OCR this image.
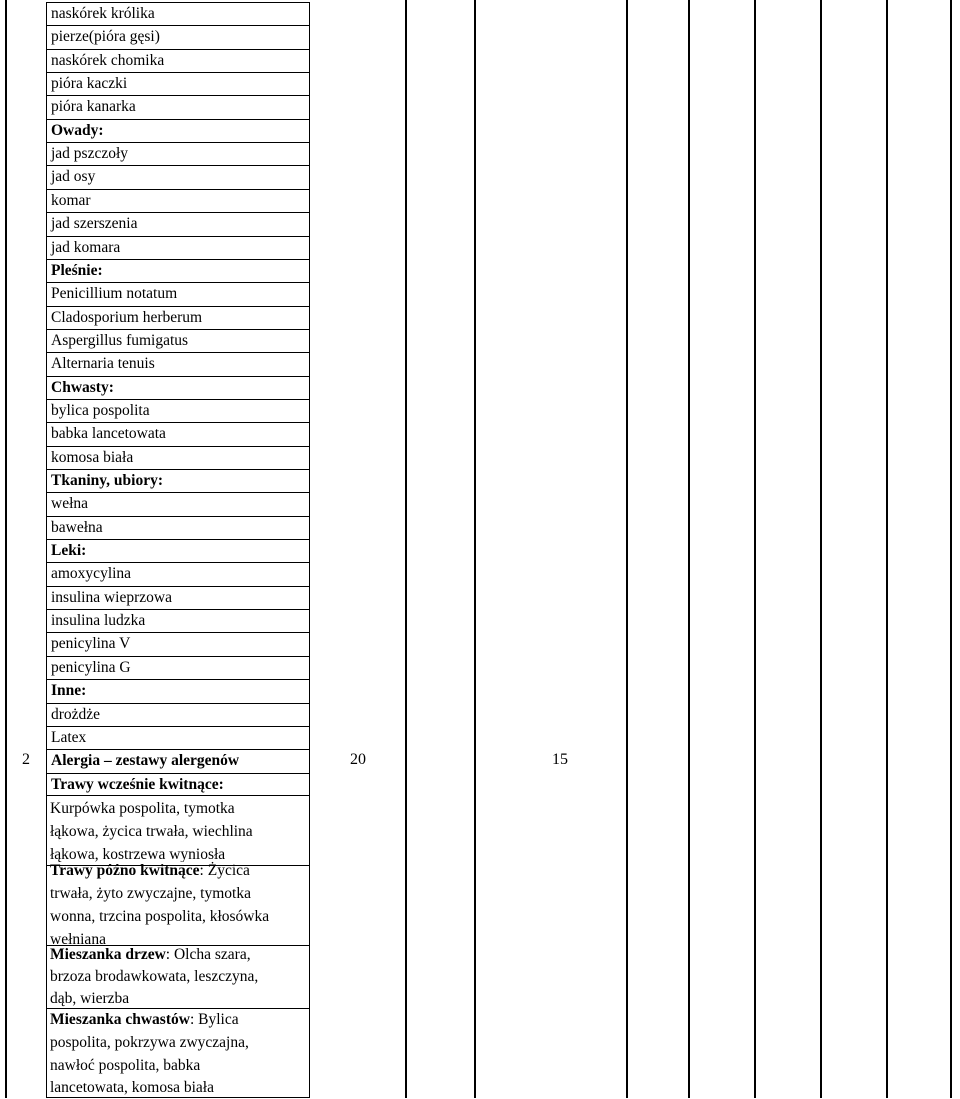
naskórek królika
pierze(pióra gęsi)
naskórek chomika
pióra kaczki
pióra kanarka
Owady:
jad pszczoły
jad osy
komar
jad szerszenia
jad komara
Pleśnie:
Penicillium notatum
Cladosporium herberum
Aspergillus fumigatus
Alternaria tenuis
Chwasty:
bylica pospolita
babka lancetowata
komosa biała
Tkaniny, ubiory:
wełna
bawełna
Leki:
amoxycylina
insulina wieprzowa
insulina ludzka
penicylina V
penicylina G
Inne:
drożdże
Latex
Alergia – zestawy alergenów
Trawy wcześnie kwitnące:
Kurpówka pospolita, tymotka
łąkowa, życica trwała, wiechlina
łąkowa, kostrzewa wyniosła
Trawy późno kwitnące: Życica
trwała, żyto zwyczajne, tymotka
wonna, trzcina pospolita, kłosówka
wełniana
Mieszanka drzew: Olcha szara,
brzoza brodawkowata, leszczyna,
dąb, wierzba
Mieszanka chwastów: Bylica
pospolita, pokrzywa zwyczajna,
nawłoć pospolita, babka
lancetowata, komosa biała
2	20	15
